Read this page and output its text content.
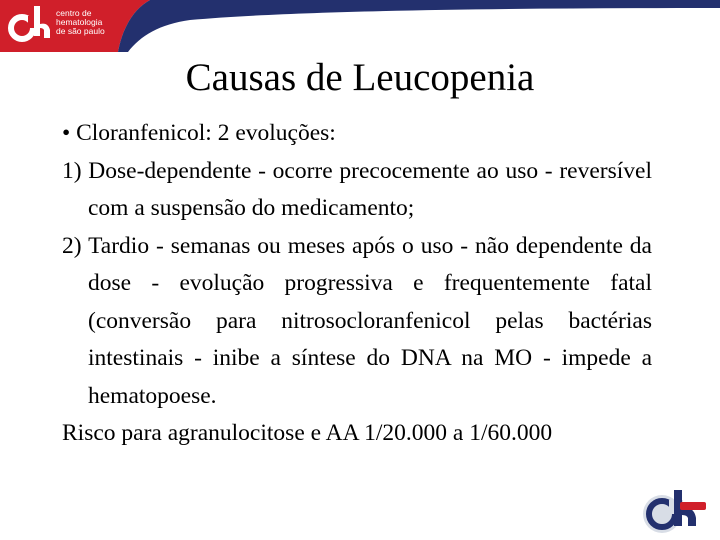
centro de
hematologia
de são paulo
Causas de Leucopenia

• Cloranfenicol: 2 evoluções:

1) Dose-dependente - ocorre precocemente ao uso - reversível com a suspensão do medicamento;

2) Tardio - semanas ou meses após o uso - não dependente da dose - evolução progressiva e frequentemente fatal (conversão para nitrosocloranfenicol pelas bactérias intestinais - inibe a síntese do DNA na MO - impede a hematopoese.

Risco para agranulocitose e AA 1/20.000 a 1/60.000
